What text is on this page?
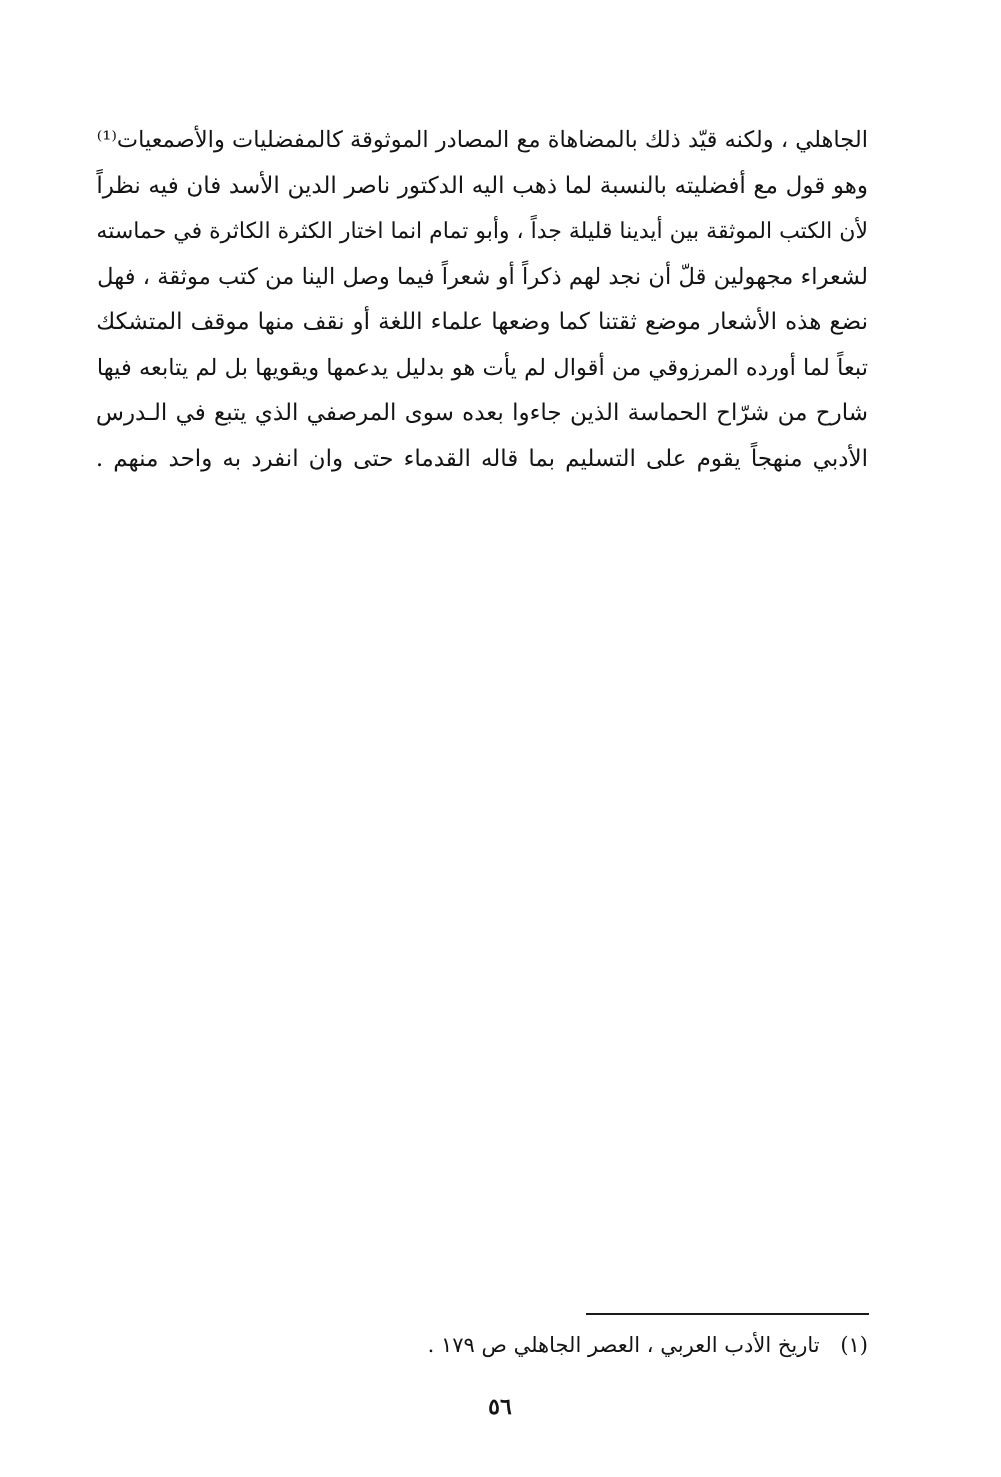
الجاهلي ، ولكنه قيّد ذلك بالمضاهاة مع المصادر الموثوقة كالمفضليات والأصمعيات⁽¹⁾
وهو قول مع أفضليته بالنسبة لما ذهب اليه الدكتور ناصر الدين الأسد فان فيه نظراً
لأن الكتب الموثقة بين أيدينا قليلة جداً ، وأبو تمام انما اختار الكثرة الكاثرة في حماسته
لشعراء مجهولين قلّ أن نجد لهم ذكراً أو شعراً فيما وصل الينا من كتب موثقة ، فهل
نضع هذه الأشعار موضع ثقتنا كما وضعها علماء اللغة أو نقف منها موقف المتشكك
تبعاً لما أورده المرزوقي من أقوال لم يأت هو بدليل يدعمها ويقويها بل لم يتابعه فيها
شارح من شرّاح الحماسة الذين جاءوا بعده سوى المرصفي الذي يتبع في الـدرس
الأدبي منهجاً يقوم على التسليم بما قاله القدماء حتى وان انفرد به واحد منهم .
(١) تاريخ الأدب العربي ، العصر الجاهلي ص ١٧٩ .
٥٦
